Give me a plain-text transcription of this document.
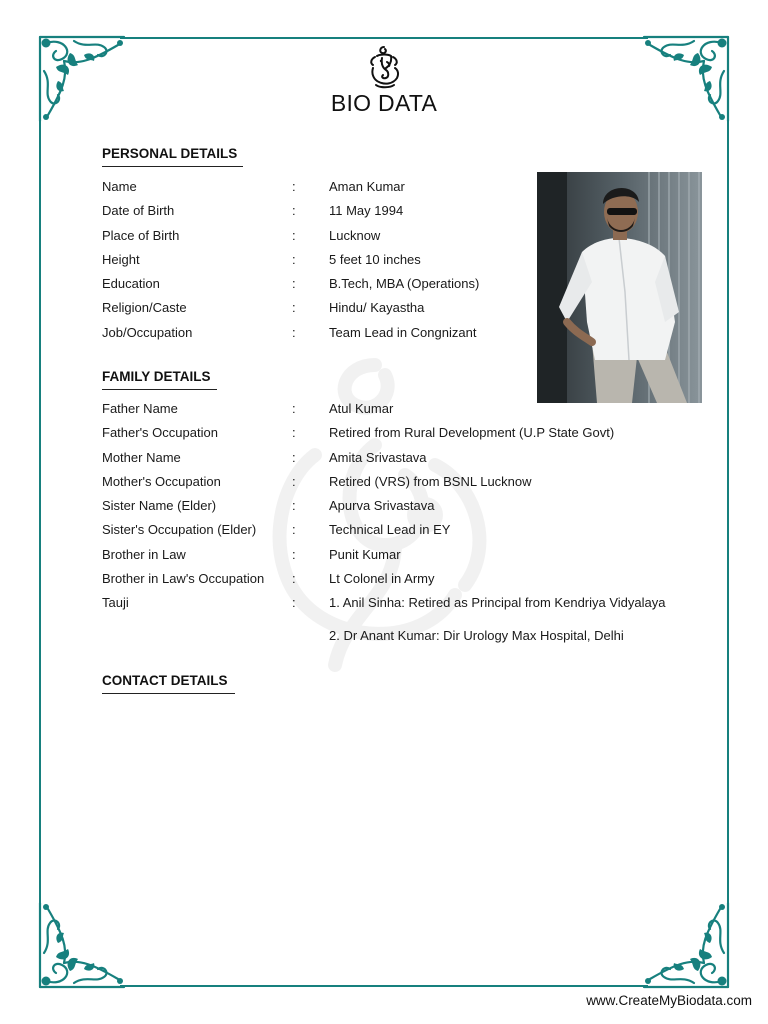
BIO DATA
PERSONAL DETAILS
Name	:	Aman Kumar
Date of Birth	:	11 May 1994
Place of Birth	:	Lucknow
Height	:	5 feet 10 inches
Education	:	B.Tech, MBA (Operations)
Religion/Caste	:	Hindu/ Kayastha
Job/Occupation	:	Team Lead in Congnizant
FAMILY DETAILS
Father Name	:	Atul Kumar
Father's Occupation	:	Retired from Rural Development (U.P State Govt)
Mother Name	:	Amita Srivastava
Mother's Occupation	:	Retired (VRS) from BSNL Lucknow
Sister Name (Elder)	:	Apurva Srivastava
Sister's Occupation (Elder)	:	Technical Lead in EY
Brother in Law	:	Punit Kumar
Brother in Law's Occupation :	Lt Colonel in Army
Tauji	:	1. Anil Sinha: Retired as Principal from Kendriya Vidyalaya
2. Dr Anant Kumar: Dir Urology Max Hospital, Delhi
CONTACT DETAILS
www.CreateMyBiodata.com
